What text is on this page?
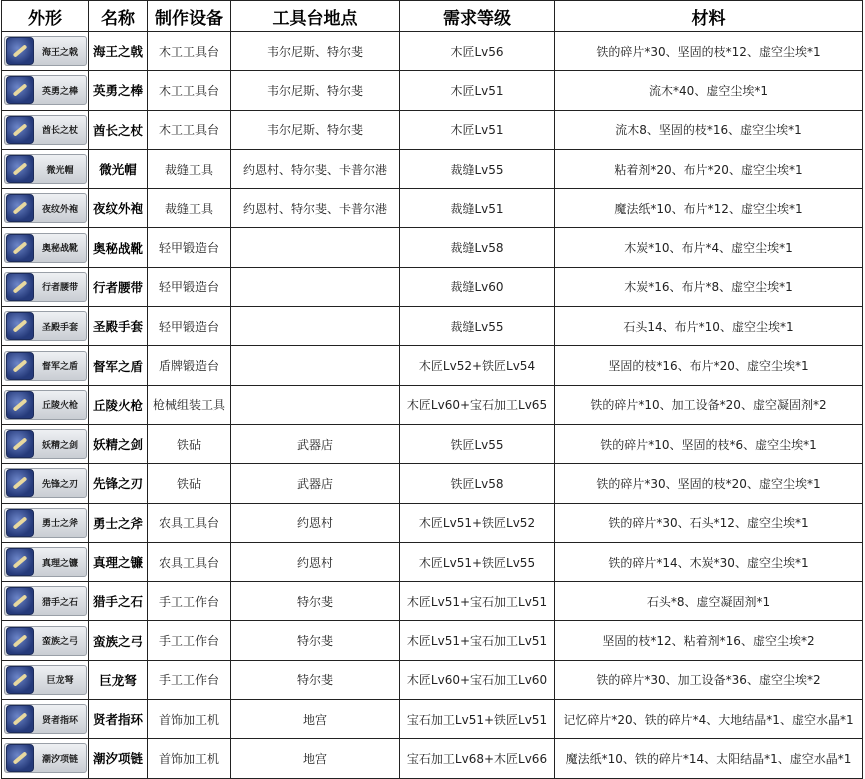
外形	名称	制作设备	工具台地点	需求等级	材料

海王之戟	海王之戟	木工工具台	韦尔尼斯、特尔斐	木匠Lv56	铁的碎片*30、坚固的枝*12、虚空尘埃*1

英勇之棒	英勇之棒	木工工具台	韦尔尼斯、特尔斐	木匠Lv51	流木*40、虚空尘埃*1

酋长之杖	酋长之杖	木工工具台	韦尔尼斯、特尔斐	木匠Lv51	流木8、坚固的枝*16、虚空尘埃*1

微光帽	微光帽	裁缝工具	约恩村、特尔斐、卡普尔港	裁缝Lv55	粘着剂*20、布片*20、虚空尘埃*1

夜纹外袍	夜纹外袍	裁缝工具	约恩村、特尔斐、卡普尔港	裁缝Lv51	魔法纸*10、布片*12、虚空尘埃*1

奥秘战靴	奥秘战靴	轻甲锻造台		裁缝Lv58	木炭*10、布片*4、虚空尘埃*1

行者腰带	行者腰带	轻甲锻造台		裁缝Lv60	木炭*16、布片*8、虚空尘埃*1

圣殿手套	圣殿手套	轻甲锻造台		裁缝Lv55	石头14、布片*10、虚空尘埃*1

督军之盾	督军之盾	盾牌锻造台		木匠Lv52+铁匠Lv54	坚固的枝*16、布片*20、虚空尘埃*1

丘陵火枪	丘陵火枪	枪械组装工具		木匠Lv60+宝石加工Lv65	铁的碎片*10、加工设备*20、虚空凝固剂*2

妖精之剑	妖精之剑	铁砧	武器店	铁匠Lv55	铁的碎片*10、坚固的枝*6、虚空尘埃*1

先锋之刃	先锋之刃	铁砧	武器店	铁匠Lv58	铁的碎片*30、坚固的枝*20、虚空尘埃*1

勇士之斧	勇士之斧	农具工具台	约恩村	木匠Lv51+铁匠Lv52	铁的碎片*30、石头*12、虚空尘埃*1

真理之镰	真理之镰	农具工具台	约恩村	木匠Lv51+铁匠Lv55	铁的碎片*14、木炭*30、虚空尘埃*1

猎手之石	猎手之石	手工工作台	特尔斐	木匠Lv51+宝石加工Lv51	石头*8、虚空凝固剂*1

蛮族之弓	蛮族之弓	手工工作台	特尔斐	木匠Lv51+宝石加工Lv51	坚固的枝*12、粘着剂*16、虚空尘埃*2

巨龙弩	巨龙弩	手工工作台	特尔斐	木匠Lv60+宝石加工Lv60	铁的碎片*30、加工设备*36、虚空尘埃*2

贤者指环	贤者指环	首饰加工机	地宫	宝石加工Lv51+铁匠Lv51	记忆碎片*20、铁的碎片*4、大地结晶*1、虚空水晶*1

潮汐项链	潮汐项链	首饰加工机	地宫	宝石加工Lv68+木匠Lv66	魔法纸*10、铁的碎片*14、太阳结晶*1、虚空水晶*1
